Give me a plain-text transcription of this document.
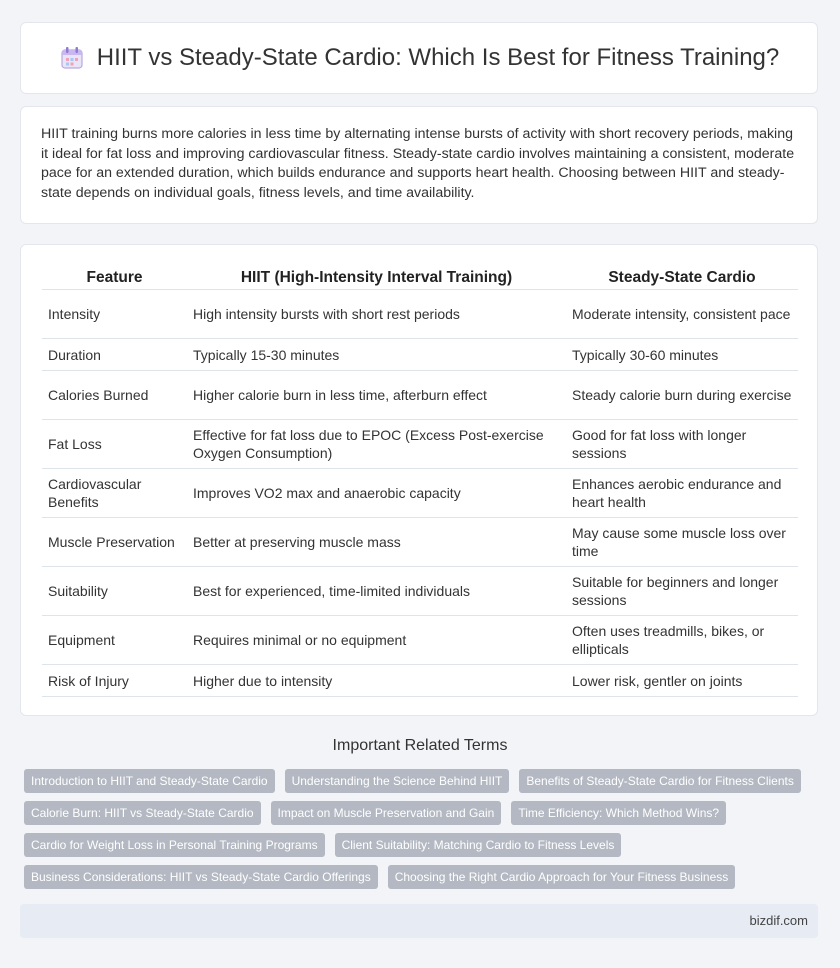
HIIT vs Steady-State Cardio: Which Is Best for Fitness Training?

HIIT training burns more calories in less time by alternating intense bursts of activity with short recovery periods, making it ideal for fat loss and improving cardiovascular fitness. Steady-state cardio involves maintaining a consistent, moderate pace for an extended duration, which builds endurance and supports heart health. Choosing between HIIT and steady-state depends on individual goals, fitness levels, and time availability.

Feature	HIIT (High-Intensity Interval Training)	Steady-State Cardio
Intensity	High intensity bursts with short rest periods	Moderate intensity, consistent pace
Duration	Typically 15-30 minutes	Typically 30-60 minutes
Calories Burned	Higher calorie burn in less time, afterburn effect	Steady calorie burn during exercise
Fat Loss	Effective for fat loss due to EPOC (Excess Post-exercise Oxygen Consumption)	Good for fat loss with longer sessions
Cardiovascular Benefits	Improves VO2 max and anaerobic capacity	Enhances aerobic endurance and heart health
Muscle Preservation	Better at preserving muscle mass	May cause some muscle loss over time
Suitability	Best for experienced, time-limited individuals	Suitable for beginners and longer sessions
Equipment	Requires minimal or no equipment	Often uses treadmills, bikes, or ellipticals
Risk of Injury	Higher due to intensity	Lower risk, gentler on joints
Important Related Terms
Introduction to HIIT and Steady-State Cardio Understanding the Science Behind HIIT Benefits of Steady-State Cardio for Fitness ClientsCalorie Burn: HIIT vs Steady-State Cardio Impact on Muscle Preservation and Gain Time Efficiency: Which Method Wins?Cardio for Weight Loss in Personal Training Programs Client Suitability: Matching Cardio to Fitness LevelsBusiness Considerations: HIIT vs Steady-State Cardio Offerings Choosing the Right Cardio Approach for Your Fitness Business
bizdif.com
